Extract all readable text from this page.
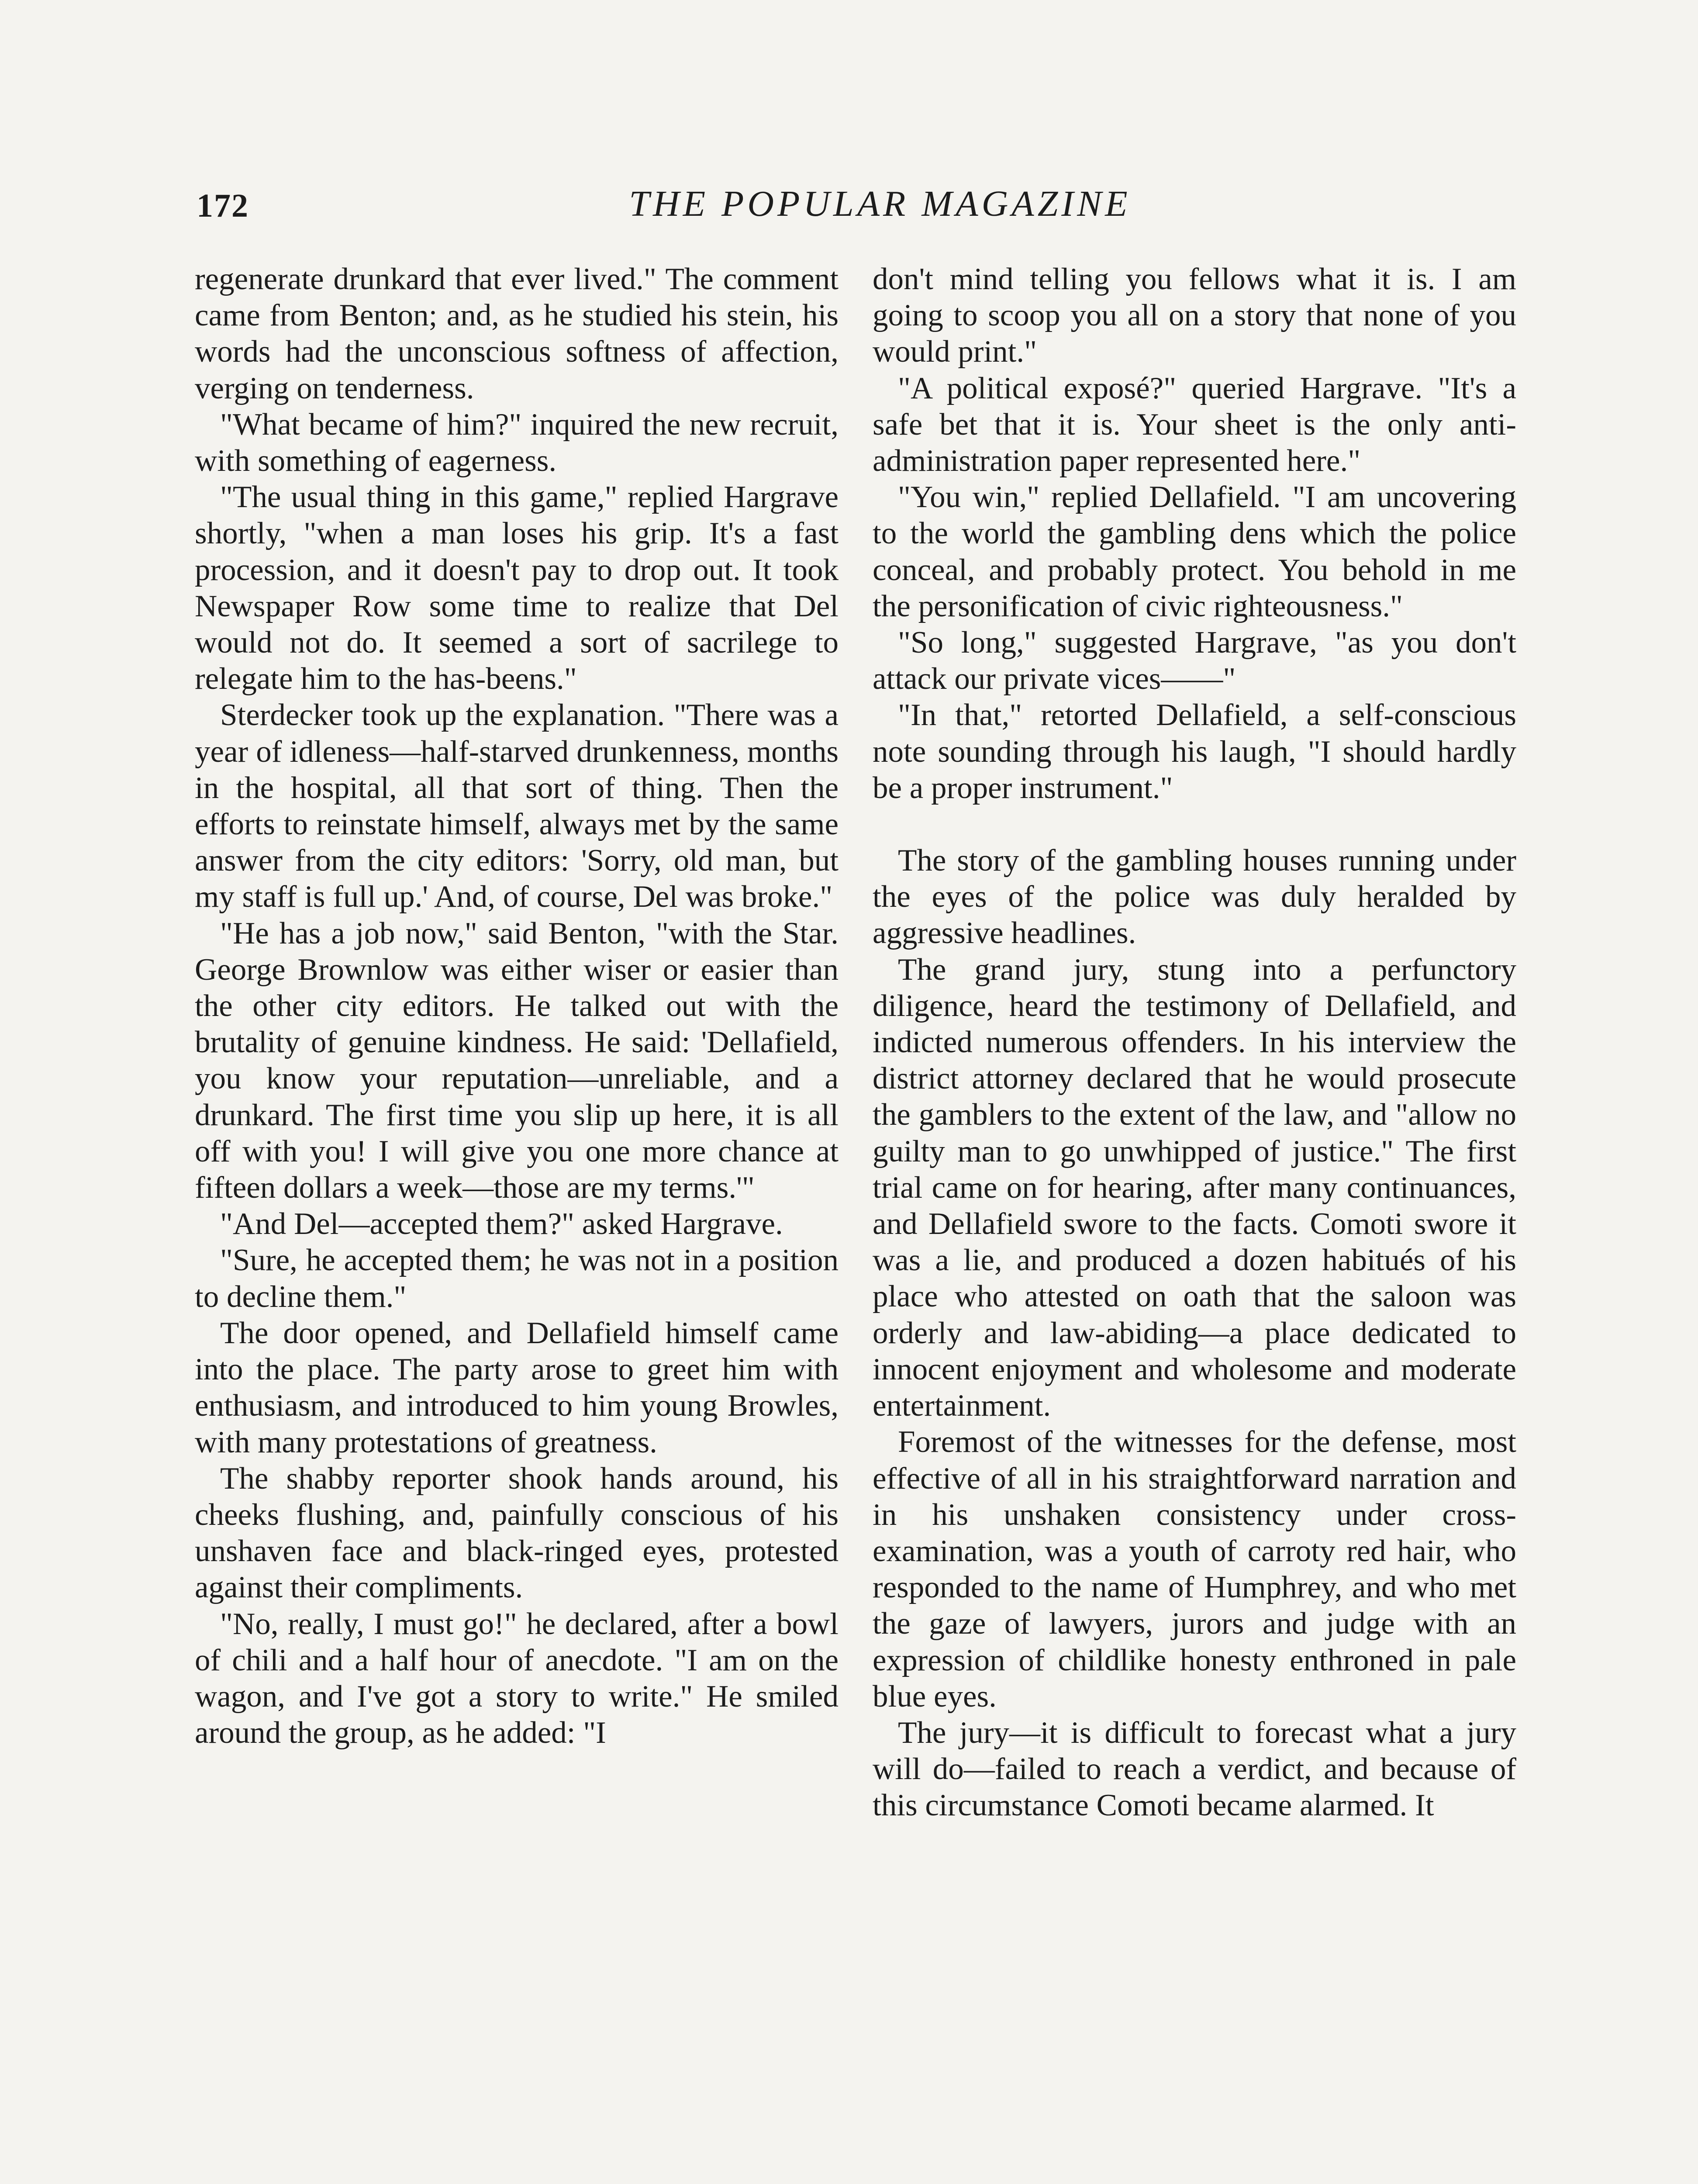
172	THE POPULAR MAGAZINE

regenerate drunkard that ever lived." The comment came from Benton; and, as he studied his stein, his words had the unconscious softness of affection, verging on tenderness.

"What became of him?" inquired the new recruit, with something of eagerness.

"The usual thing in this game," replied Hargrave shortly, "when a man loses his grip. It's a fast procession, and it doesn't pay to drop out. It took Newspaper Row some time to realize that Del would not do. It seemed a sort of sacrilege to relegate him to the has-beens."

Sterdecker took up the explanation. "There was a year of idleness—half-starved drunkenness, months in the hospital, all that sort of thing. Then the efforts to reinstate himself, always met by the same answer from the city editors: 'Sorry, old man, but my staff is full up.' And, of course, Del was broke."

"He has a job now," said Benton, "with the Star. George Brownlow was either wiser or easier than the other city editors. He talked out with the brutality of genuine kindness. He said: 'Dellafield, you know your reputation—unreliable, and a drunkard. The first time you slip up here, it is all off with you! I will give you one more chance at fifteen dollars a week—those are my terms.'"

"And Del—accepted them?" asked Hargrave.

"Sure, he accepted them; he was not in a position to decline them."

The door opened, and Dellafield himself came into the place. The party arose to greet him with enthusiasm, and introduced to him young Browles, with many protestations of greatness.

The shabby reporter shook hands around, his cheeks flushing, and, painfully conscious of his unshaven face and black-ringed eyes, protested against their compliments.

"No, really, I must go!" he declared, after a bowl of chili and a half hour of anecdote. "I am on the wagon, and I've got a story to write." He smiled around the group, as he added: "I

don't mind telling you fellows what it is. I am going to scoop you all on a story that none of you would print."

"A political exposé?" queried Hargrave. "It's a safe bet that it is. Your sheet is the only anti-administration paper represented here."

"You win," replied Dellafield. "I am uncovering to the world the gambling dens which the police conceal, and probably protect. You behold in me the personification of civic righteousness."

"So long," suggested Hargrave, "as you don't attack our private vices——"

"In that," retorted Dellafield, a self-conscious note sounding through his laugh, "I should hardly be a proper instrument."

The story of the gambling houses running under the eyes of the police was duly heralded by aggressive headlines.

The grand jury, stung into a perfunctory diligence, heard the testimony of Dellafield, and indicted numerous offenders. In his interview the district attorney declared that he would prosecute the gamblers to the extent of the law, and "allow no guilty man to go unwhipped of justice." The first trial came on for hearing, after many continuances, and Dellafield swore to the facts. Comoti swore it was a lie, and produced a dozen habitués of his place who attested on oath that the saloon was orderly and law-abiding—a place dedicated to innocent enjoyment and wholesome and moderate entertainment.

Foremost of the witnesses for the defense, most effective of all in his straightforward narration and in his unshaken consistency under cross-examination, was a youth of carroty red hair, who responded to the name of Humphrey, and who met the gaze of lawyers, jurors and judge with an expression of childlike honesty enthroned in pale blue eyes.

The jury—it is difficult to forecast what a jury will do—failed to reach a verdict, and because of this circumstance Comoti became alarmed. It
